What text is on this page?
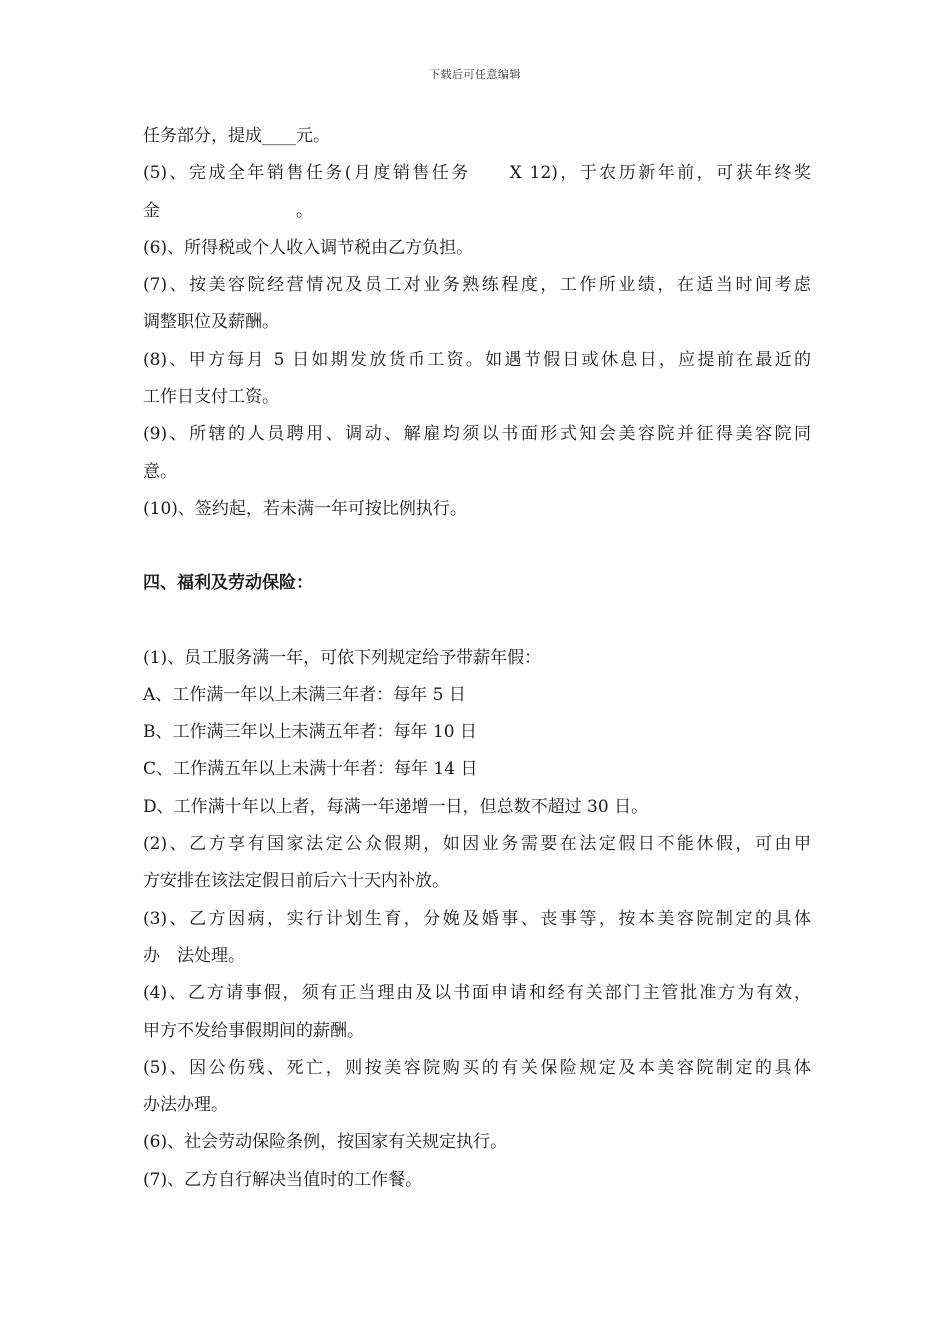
下载后可任意编辑
任务部分，提成____元。
(5)、完成全年销售任务(月度销售任务　　X 12)，于农历新年前，可获年终奖
金　　　　　　　　。
(6)、所得税或个人收入调节税由乙方负担。
(7)、按美容院经营情况及员工对业务熟练程度，工作所业绩，在适当时间考虑
调整职位及薪酬。
(8)、甲方每月 5 日如期发放货币工资。如遇节假日或休息日，应提前在最近的
工作日支付工资。
(9)、所辖的人员聘用、调动、解雇均须以书面形式知会美容院并征得美容院同
意。
(10)、签约起，若未满一年可按比例执行。
四、福利及劳动保险：
(1)、员工服务满一年，可依下列规定给予带薪年假：
A、工作满一年以上未满三年者：每年 5 日
B、工作满三年以上未满五年者：每年 10 日
C、工作满五年以上未满十年者：每年 14 日
D、工作满十年以上者，每满一年递增一日，但总数不超过 30 日。
(2)、乙方享有国家法定公众假期，如因业务需要在法定假日不能休假，可由甲
方安排在该法定假日前后六十天内补放。
(3)、乙方因病，实行计划生育，分娩及婚事、丧事等，按本美容院制定的具体
办　法处理。
(4)、乙方请事假，须有正当理由及以书面申请和经有关部门主管批准方为有效，
甲方不发给事假期间的薪酬。
(5)、因公伤残、死亡，则按美容院购买的有关保险规定及本美容院制定的具体
办法办理。
(6)、社会劳动保险条例，按国家有关规定执行。
(7)、乙方自行解决当值时的工作餐。
